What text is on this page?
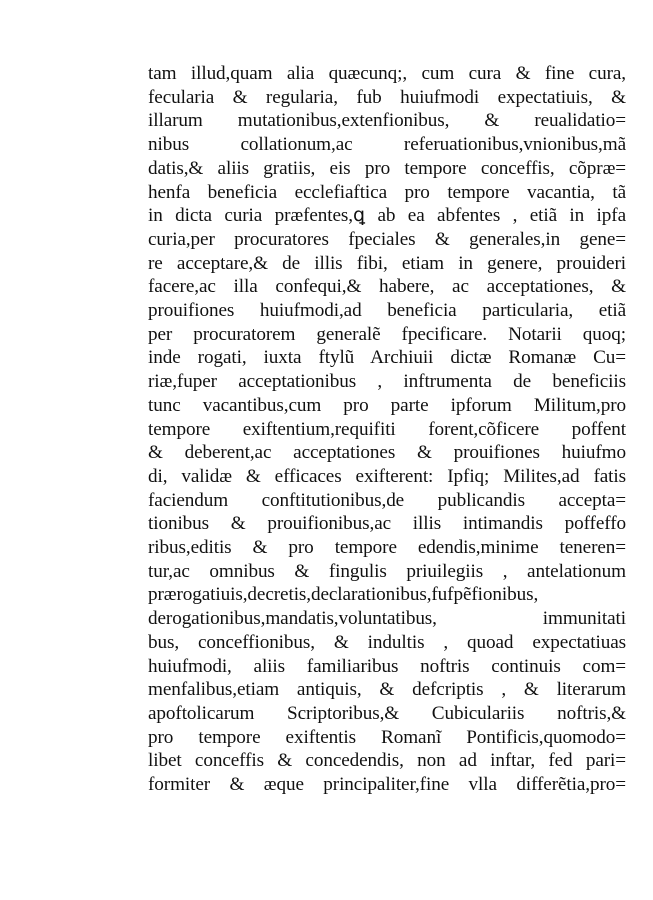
tam illud,quam alia quæcunq;, cum cura & fine cura,
fecularia & regularia, fub huiufmodi expectatiuis, &
illarum mutationibus,extenfionibus, & reualidatio=
nibus collationum,ac referuationibus,vnionibus,mã
datis,& aliis gratiis, eis pro tempore conceffis, cõpræ=
henfa beneficia ecclefiaftica pro tempore vacantia, tã
in dicta curia præfentes,ꝗ ab ea abfentes , etiã in ipfa
curia,per procuratores fpeciales & generales,in gene=
re acceptare,& de illis fibi, etiam in genere, prouideri
facere,ac illa confequi,& habere, ac acceptationes, &
prouifiones huiufmodi,ad beneficia particularia, etiã
per procuratorem generalẽ fpecificare. Notarii quoq;
inde rogati, iuxta ftylũ Archiuii dictæ Romanæ Cu=
riæ,fuper acceptationibus , inftrumenta de beneficiis
tunc vacantibus,cum pro parte ipforum Militum,pro
tempore exiftentium,requifiti forent,cõficere poffent
& deberent,ac acceptationes & prouifiones huiufmo
di, validæ & efficaces exifterent: Ipfiq; Milites,ad fatis
faciendum conftitutionibus,de publicandis accepta=
tionibus & prouifionibus,ac illis intimandis poffeffo
ribus,editis & pro tempore edendis,minime teneren=
tur,ac omnibus & fingulis priuilegiis , antelationum
prærogatiuis,decretis,declarationibus,fufpẽfionibus,
derogationibus,mandatis,voluntatibus, immunitati
bus, conceffionibus, & indultis , quoad expectatiuas
huiufmodi, aliis familiaribus noftris continuis com=
menfalibus,etiam antiquis, & defcriptis , & literarum
apoftolicarum Scriptoribus,& Cubiculariis noftris,&
pro tempore exiftentis Romanĩ Pontificis,quomodo=
libet conceffis & concedendis, non ad inftar, fed pari=
formiter & æque principaliter,fine vlla differẽtia,pro=
